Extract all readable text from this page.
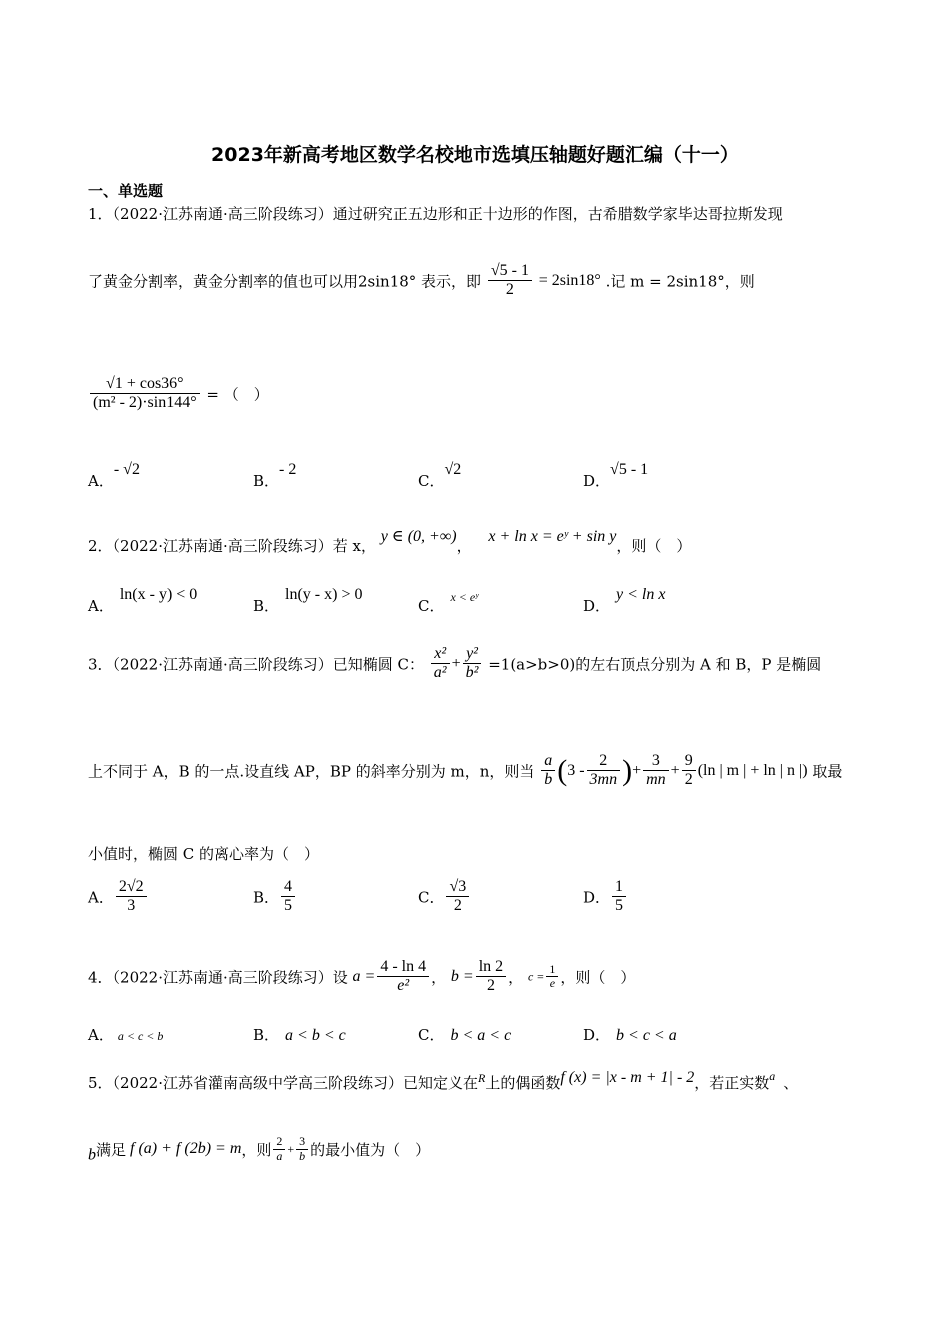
2023年新高考地区数学名校地市选填压轴题好题汇编（十一）
一、单选题
1．（2022·江苏南通·高三阶段练习）通过研究正五边形和正十边形的作图，古希腊数学家毕达哥拉斯发现
了黄金分割率，黄金分割率的值也可以用2sin18° 表示，即 $\frac{√5 - 1}{2} = 2\sin 18^\circ$ .记 m = 2sin18°，则
$\frac{√1 + \cos 36^\circ}{\text{(m² - 2)·sin144°}}$ = （　）
A．- √2
B．- 2
C．√2
D．√5 - 1
2．（2022·江苏南通·高三阶段练习）若 x， y ∈ (0, +∞)， x + ln x = eʸ + sin y，则（　）
A．ln(x - y) < 0
B．ln(y - x) > 0
C． $^{x < eʸ}$	D．y < ln x
3．（2022·江苏南通·高三阶段练习）已知椭圆 C： $\frac{\text{x²}}{\text{a²}} + \frac{\text{y²}}{\text{b²}} =1(a>b>0)$的左右顶点分别为 A 和 B，P 是椭圆
上不同于 A，B 的一点.设直线 AP，BP 的斜率分别为 m，n，则当 $\frac{a}{b} (3 - \frac{2}{3mn}$ )+ $\frac{3}{mn} + \frac{9}{2} (\ln$ | m | + ln | n |) 取最
小值时，椭圆 C 的离心率为（　）
A． $\frac{2√2}{3}$	B． $\frac{4}{5}$	C． $\frac{√3}{2}$	D． $\frac{1}{5}$
4．（2022·江苏南通·高三阶段练习）设 $a = \frac{4 - \ln 4}{\text{e²}}$ ， $b = \frac{\ln 2}{2}$ ， $c = \frac{1}{e}$ ，则（　）
A． a < c < b	B． a < b < c	C． b < a < c	D． b < c < a
5．（2022·江苏省灌南高级中学高三阶段练习）已知定义在$^R$上的偶函数f (x) = |x - m + 1| - 2，若正实数$^a$ 、
b满足 f (a) + f (2b) = m，则 $\frac{2}{a} + \frac{3}{b}$ 的最小值为（　）
